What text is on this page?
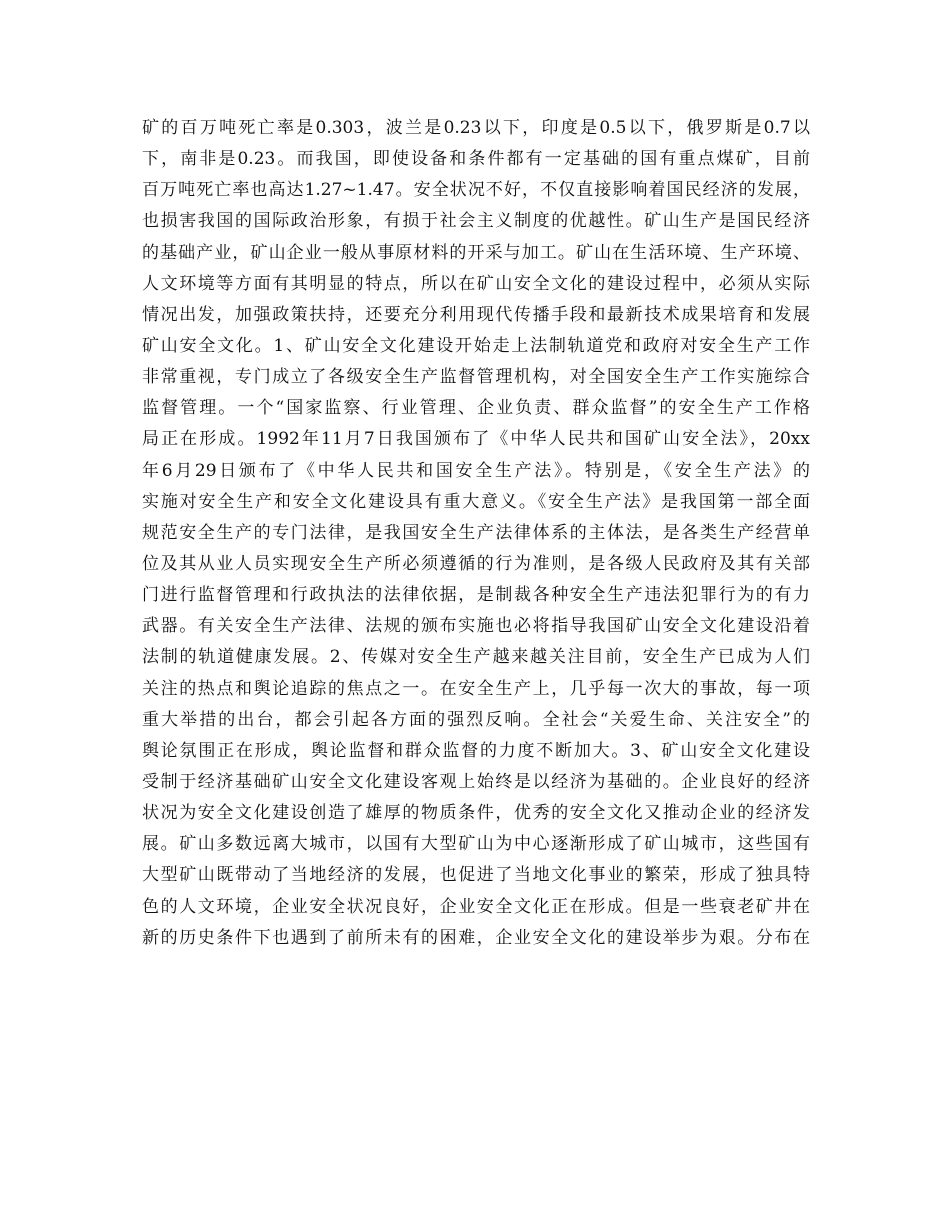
矿的百万吨死亡率是0.303，波兰是0.23以下，印度是0.5以下，俄罗斯是0.7以
下，南非是0.23。而我国，即使设备和条件都有一定基础的国有重点煤矿，目前
百万吨死亡率也高达1.27~1.47。安全状况不好，不仅直接影响着国民经济的发展，
也损害我国的国际政治形象，有损于社会主义制度的优越性。矿山生产是国民经济
的基础产业，矿山企业一般从事原材料的开采与加工。矿山在生活环境、生产环境、
人文环境等方面有其明显的特点，所以在矿山安全文化的建设过程中，必须从实际
情况出发，加强政策扶持，还要充分利用现代传播手段和最新技术成果培育和发展
矿山安全文化。1、矿山安全文化建设开始走上法制轨道党和政府对安全生产工作
非常重视，专门成立了各级安全生产监督管理机构，对全国安全生产工作实施综合
监督管理。一个“国家监察、行业管理、企业负责、群众监督”的安全生产工作格
局正在形成。1992年11月7日我国颁布了《中华人民共和国矿山安全法》，20xx
年6月29日颁布了《中华人民共和国安全生产法》。特别是，《安全生产法》的
实施对安全生产和安全文化建设具有重大意义。《安全生产法》是我国第一部全面
规范安全生产的专门法律，是我国安全生产法律体系的主体法，是各类生产经营单
位及其从业人员实现安全生产所必须遵循的行为准则，是各级人民政府及其有关部
门进行监督管理和行政执法的法律依据，是制裁各种安全生产违法犯罪行为的有力
武器。有关安全生产法律、法规的颁布实施也必将指导我国矿山安全文化建设沿着
法制的轨道健康发展。2、传媒对安全生产越来越关注目前，安全生产已成为人们
关注的热点和舆论追踪的焦点之一。在安全生产上，几乎每一次大的事故，每一项
重大举措的出台，都会引起各方面的强烈反响。全社会“关爱生命、关注安全”的
舆论氛围正在形成，舆论监督和群众监督的力度不断加大。3、矿山安全文化建设
受制于经济基础矿山安全文化建设客观上始终是以经济为基础的。企业良好的经济
状况为安全文化建设创造了雄厚的物质条件，优秀的安全文化又推动企业的经济发
展。矿山多数远离大城市，以国有大型矿山为中心逐渐形成了矿山城市，这些国有
大型矿山既带动了当地经济的发展，也促进了当地文化事业的繁荣，形成了独具特
色的人文环境，企业安全状况良好，企业安全文化正在形成。但是一些衰老矿井在
新的历史条件下也遇到了前所未有的困难，企业安全文化的建设举步为艰。分布在
